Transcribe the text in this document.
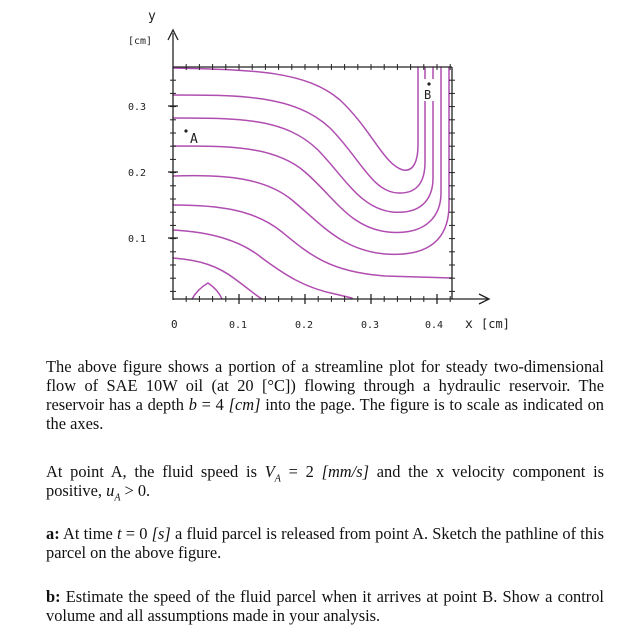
y
[cm]
x [cm]
0	0.1	0.2	0.3	0.4
0.3
0.2
0.1
A
B

The above figure shows a portion of a streamline plot for steady two-dimensional flow of SAE 10W oil (at 20 [°C]) flowing through a hydraulic reservoir. The reservoir has a depth b = 4 [cm] into the page. The figure is to scale as indicated on the axes.

At point A, the fluid speed is $V_A = 2$ [mm/s] and the x velocity component is positive, $u_A > 0$.

a: At time t = 0 [s] a fluid parcel is released from point A. Sketch the pathline of this parcel on the above figure.

b: Estimate the speed of the fluid parcel when it arrives at point B. Show a control volume and all assumptions made in your analysis.
